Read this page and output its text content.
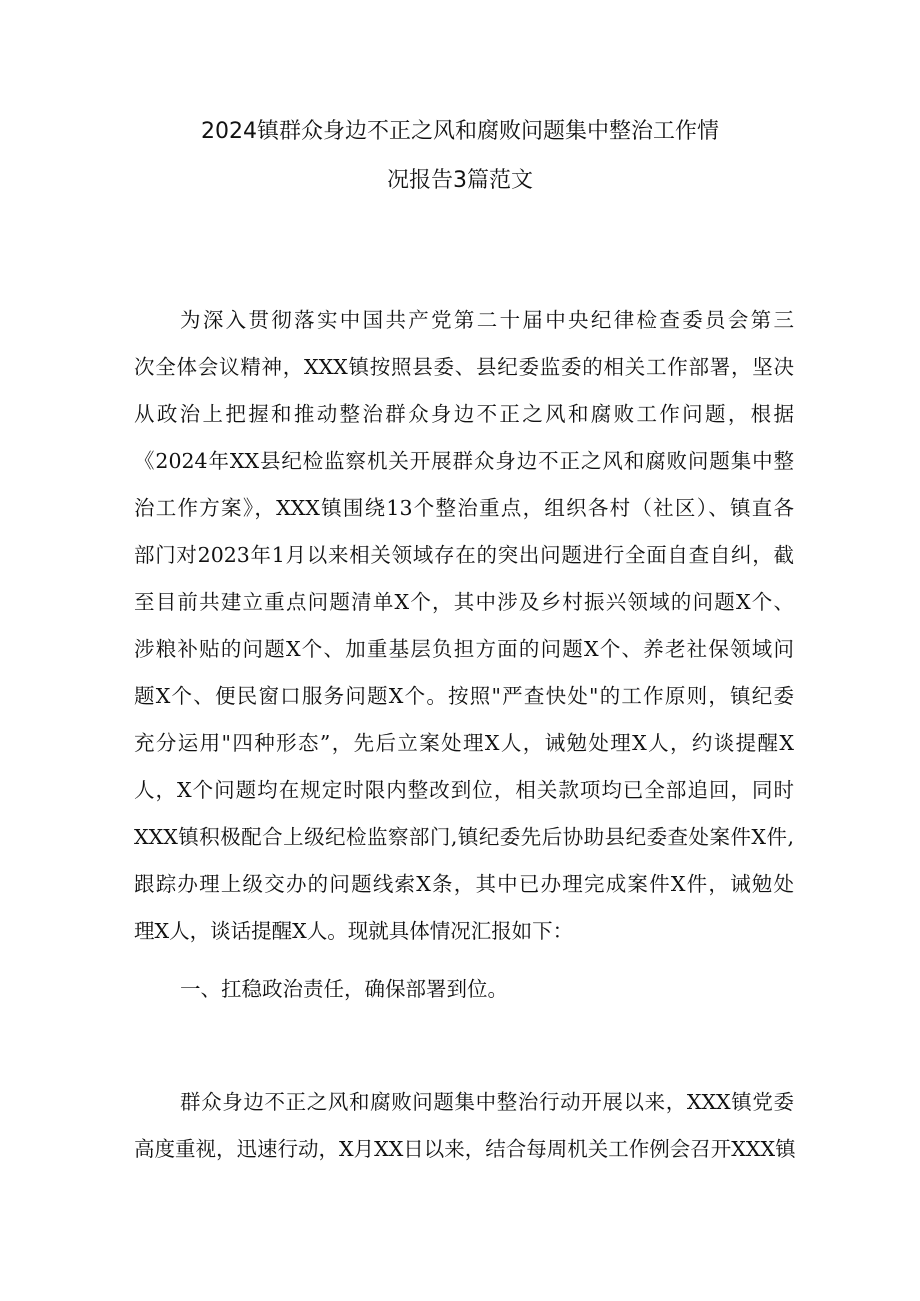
2024镇群众身边不正之风和腐败问题集中整治工作情
况报告3篇范文
为深入贯彻落实中国共产党第二十届中央纪律检查委员会第三
次全体会议精神，XXX镇按照县委、县纪委监委的相关工作部署，坚决
从政治上把握和推动整治群众身边不正之风和腐败工作问题，根据
《2024年XX县纪检监察机关开展群众身边不正之风和腐败问题集中整
治工作方案》，XXX镇围绕13个整治重点，组织各村（社区）、镇直各
部门对2023年1月以来相关领域存在的突出问题进行全面自查自纠，截
至目前共建立重点问题清单X个，其中涉及乡村振兴领域的问题X个、
涉粮补贴的问题X个、加重基层负担方面的问题X个、养老社保领域问
题X个、便民窗口服务问题X个。按照"严查快处"的工作原则，镇纪委
充分运用"四种形态”，先后立案处理X人，诫勉处理X人，约谈提醒X
人，X个问题均在规定时限内整改到位，相关款项均已全部追回，同时
XXX镇积极配合上级纪检监察部门,镇纪委先后协助县纪委查处案件X件,
跟踪办理上级交办的问题线索X条，其中已办理完成案件X件，诫勉处
理X人，谈话提醒X人。现就具体情况汇报如下：
一、扛稳政治责任，确保部署到位。
群众身边不正之风和腐败问题集中整治行动开展以来，XXX镇党委
高度重视，迅速行动，X月XX日以来，结合每周机关工作例会召开XXX镇
